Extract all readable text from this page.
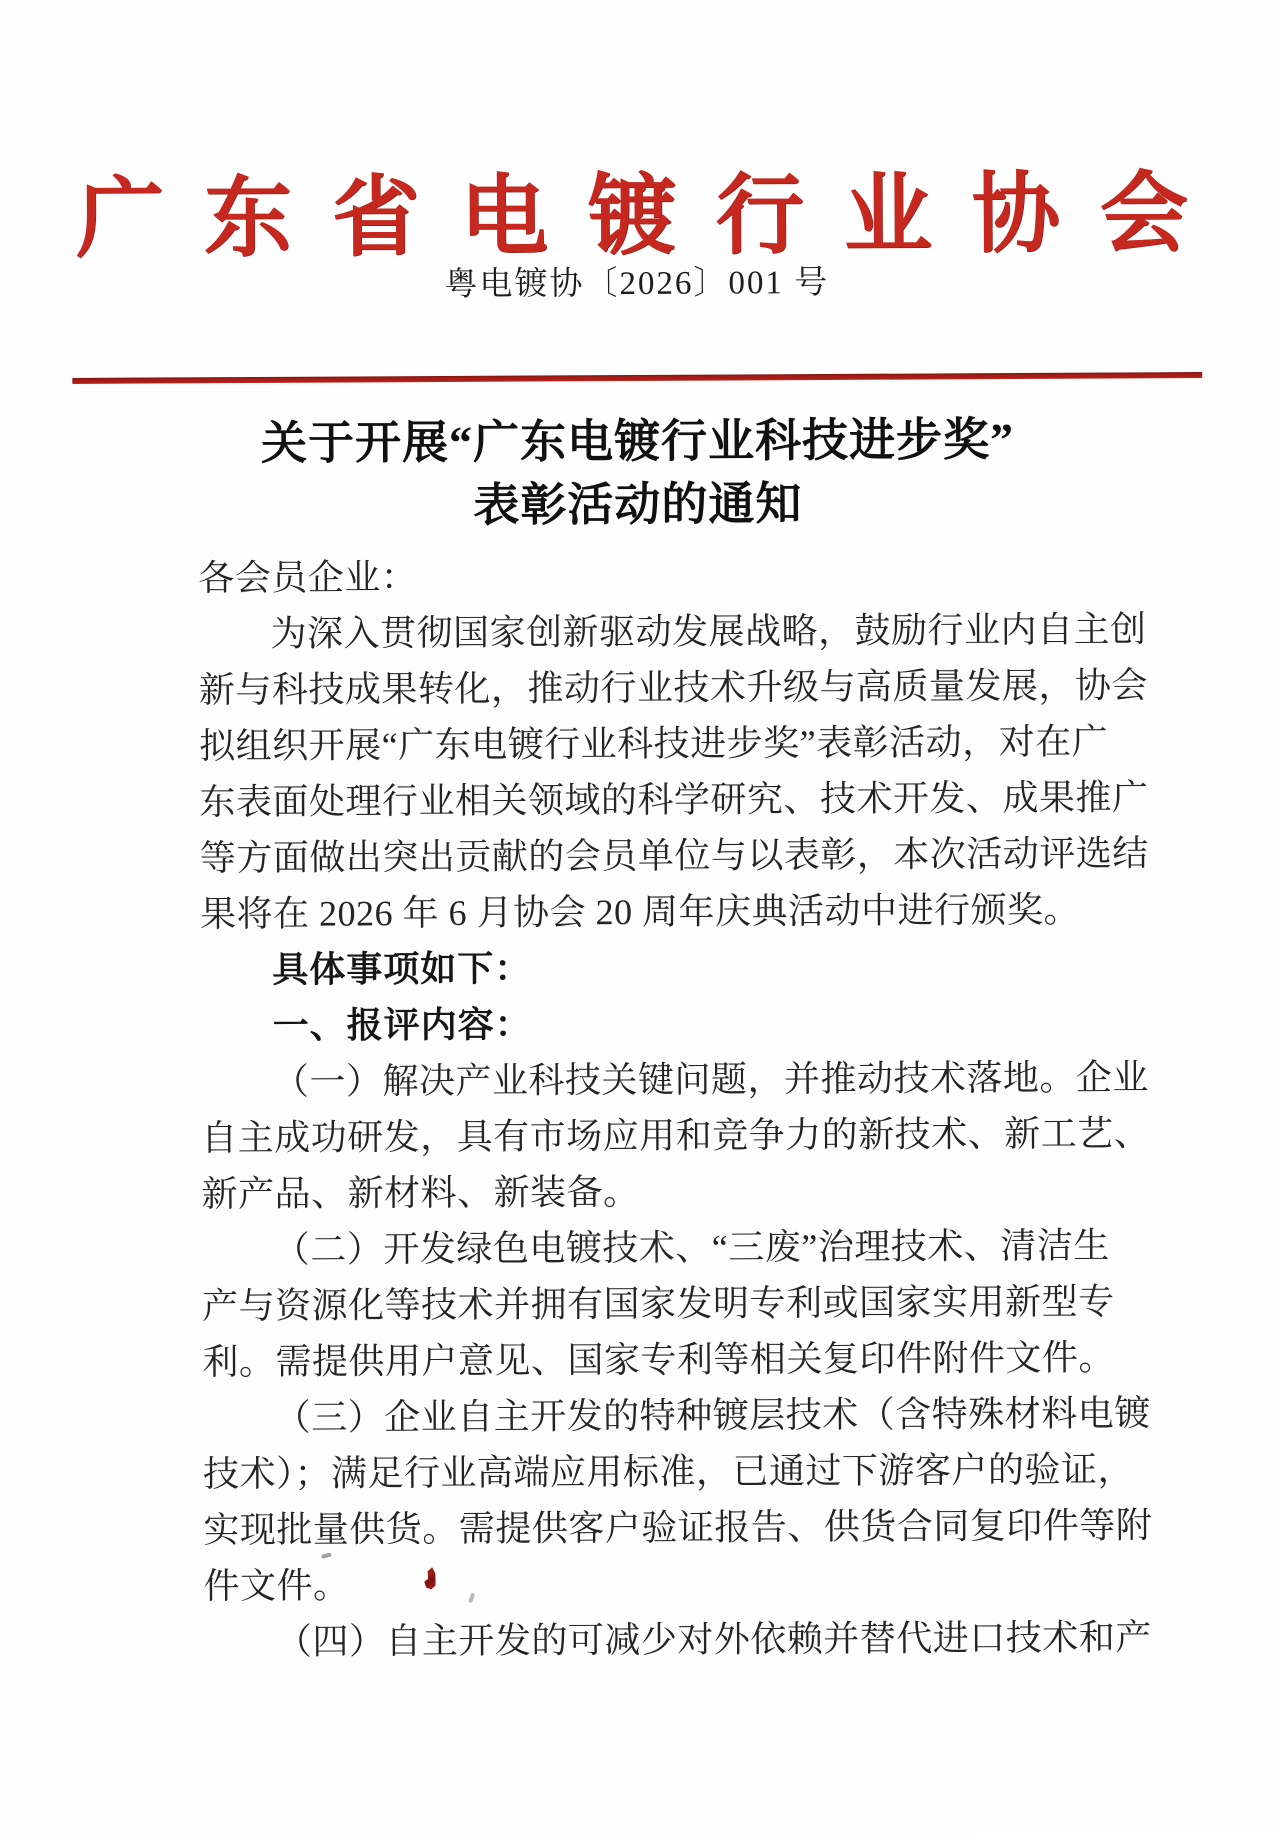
广 东 省 电 镀 行 业 协 会
粤电镀协〔2026〕001 号
关于开展“广东电镀行业科技进步奖”
表彰活动的通知
各会员企业：
为深入贯彻国家创新驱动发展战略，鼓励行业内自主创
新与科技成果转化，推动行业技术升级与高质量发展，协会
拟组织开展“广东电镀行业科技进步奖”表彰活动，对在广
东表面处理行业相关领域的科学研究、技术开发、成果推广
等方面做出突出贡献的会员单位与以表彰，本次活动评选结
果将在 2026 年 6 月协会 20 周年庆典活动中进行颁奖。
具体事项如下：
一、报评内容：
（一）解决产业科技关键问题，并推动技术落地。企业
自主成功研发，具有市场应用和竞争力的新技术、新工艺、
新产品、新材料、新装备。
（二）开发绿色电镀技术、“三废”治理技术、清洁生
产与资源化等技术并拥有国家发明专利或国家实用新型专
利。需提供用户意见、国家专利等相关复印件附件文件。
（三）企业自主开发的特种镀层技术（含特殊材料电镀
技术）；满足行业高端应用标准，已通过下游客户的验证，
实现批量供货。需提供客户验证报告、供货合同复印件等附
件文件。
（四）自主开发的可减少对外依赖并替代进口技术和产
